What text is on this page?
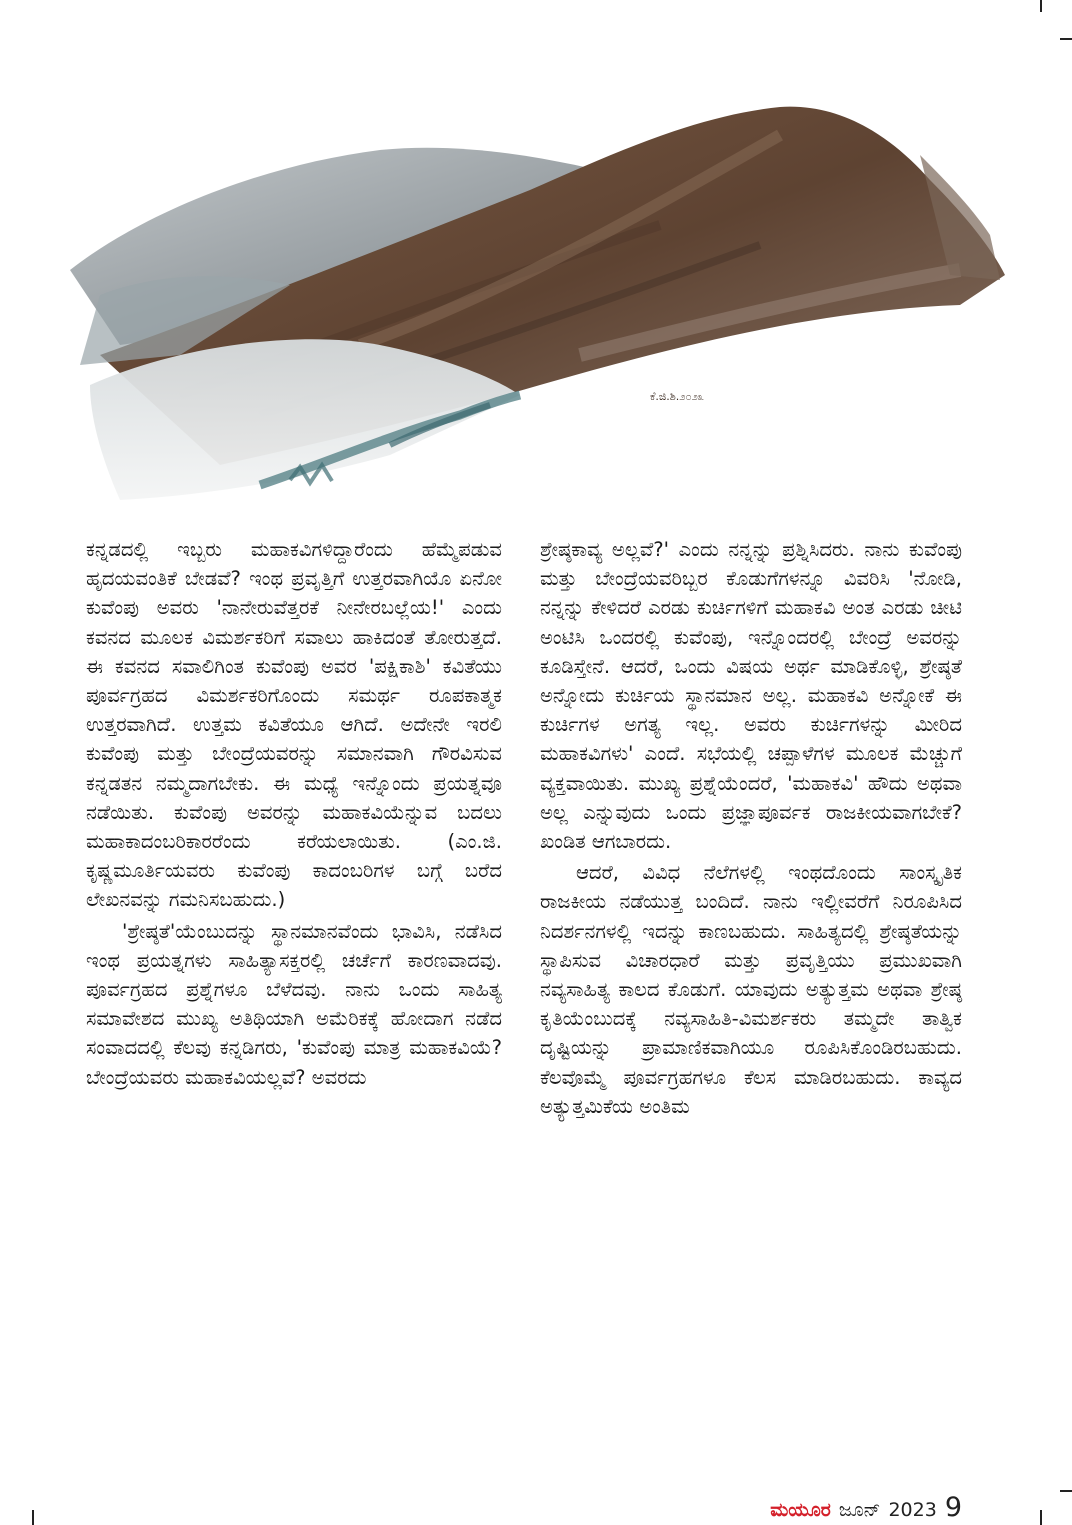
ಕೆ.ಜಿ.ಶಿ.೨೦೨೩

ಕನ್ನಡದಲ್ಲಿ ಇಬ್ಬರು ಮಹಾಕವಿಗಳಿದ್ದಾರೆಂದು ಹೆಮ್ಮೆಪಡುವ ಹೃದಯವಂತಿಕೆ ಬೇಡವೆ? ಇಂಥ ಪ್ರವೃತ್ತಿಗೆ ಉತ್ತರವಾಗಿಯೊ ಏನೋ ಕುವೆಂಪು ಅವರು 'ನಾನೇರುವೆತ್ತರಕೆ ನೀನೇರಬಲ್ಲೆಯ!' ಎಂದು ಕವನದ ಮೂಲಕ ವಿಮರ್ಶಕರಿಗೆ ಸವಾಲು ಹಾಕಿದಂತೆ ತೋರುತ್ತದೆ. ಈ ಕವನದ ಸವಾಲಿಗಿಂತ ಕುವೆಂಪು ಅವರ 'ಪಕ್ಷಿಕಾಶಿ' ಕವಿತೆಯು ಪೂರ್ವಗ್ರಹದ ವಿಮರ್ಶಕರಿಗೊಂದು ಸಮರ್ಥ ರೂಪಕಾತ್ಮಕ ಉತ್ತರವಾಗಿದೆ. ಉತ್ತಮ ಕವಿತೆಯೂ ಆಗಿದೆ. ಅದೇನೇ ಇರಲಿ ಕುವೆಂಪು ಮತ್ತು ಬೇಂದ್ರೆಯವರನ್ನು ಸಮಾನವಾಗಿ ಗೌರವಿಸುವ ಕನ್ನಡತನ ನಮ್ಮದಾಗಬೇಕು. ಈ ಮಧ್ಯೆ ಇನ್ನೊಂದು ಪ್ರಯತ್ನವೂ ನಡೆಯಿತು. ಕುವೆಂಪು ಅವರನ್ನು ಮಹಾಕವಿಯೆನ್ನುವ ಬದಲು ಮಹಾಕಾದಂಬರಿಕಾರರೆಂದು ಕರೆಯಲಾಯಿತು. (ಎಂ.ಜಿ. ಕೃಷ್ಣಮೂರ್ತಿಯವರು ಕುವೆಂಪು ಕಾದಂಬರಿಗಳ ಬಗ್ಗೆ ಬರೆದ ಲೇಖನವನ್ನು ಗಮನಿಸಬಹುದು.)

'ಶ್ರೇಷ್ಠತೆ'ಯೆಂಬುದನ್ನು ಸ್ಥಾನಮಾನವೆಂದು ಭಾವಿಸಿ, ನಡೆಸಿದ ಇಂಥ ಪ್ರಯತ್ನಗಳು ಸಾಹಿತ್ಯಾಸಕ್ತರಲ್ಲಿ ಚರ್ಚೆಗೆ ಕಾರಣವಾದವು. ಪೂರ್ವಗ್ರಹದ ಪ್ರಶ್ನೆಗಳೂ ಬೆಳೆದವು. ನಾನು ಒಂದು ಸಾಹಿತ್ಯ ಸಮಾವೇಶದ ಮುಖ್ಯ ಅತಿಥಿಯಾಗಿ ಅಮೆರಿಕಕ್ಕೆ ಹೋದಾಗ ನಡೆದ ಸಂವಾದದಲ್ಲಿ ಕೆಲವು ಕನ್ನಡಿಗರು, 'ಕುವೆಂಪು ಮಾತ್ರ ಮಹಾಕವಿಯೆ? ಬೇಂದ್ರೆಯವರು ಮಹಾಕವಿಯಲ್ಲವೆ? ಅವರದು

ಶ್ರೇಷ್ಠಕಾವ್ಯ ಅಲ್ಲವೆ?' ಎಂದು ನನ್ನನ್ನು ಪ್ರಶ್ನಿಸಿದರು. ನಾನು ಕುವೆಂಪು ಮತ್ತು ಬೇಂದ್ರೆಯವರಿಬ್ಬರ ಕೊಡುಗೆಗಳನ್ನೂ ವಿವರಿಸಿ 'ನೋಡಿ, ನನ್ನನ್ನು ಕೇಳಿದರೆ ಎರಡು ಕುರ್ಚಿಗಳಿಗೆ ಮಹಾಕವಿ ಅಂತ ಎರಡು ಚೀಟಿ ಅಂಟಿಸಿ ಒಂದರಲ್ಲಿ ಕುವೆಂಪು, ಇನ್ನೊಂದರಲ್ಲಿ ಬೇಂದ್ರೆ ಅವರನ್ನು ಕೂಡಿಸ್ತೇನೆ. ಆದರೆ, ಒಂದು ವಿಷಯ ಅರ್ಥ ಮಾಡಿಕೊಳ್ಳಿ, ಶ್ರೇಷ್ಠತೆ ಅನ್ನೋದು ಕುರ್ಚಿಯ ಸ್ಥಾನಮಾನ ಅಲ್ಲ. ಮಹಾಕವಿ ಅನ್ನೋಕೆ ಈ ಕುರ್ಚಿಗಳ ಅಗತ್ಯ ಇಲ್ಲ. ಅವರು ಕುರ್ಚಿಗಳನ್ನು ಮೀರಿದ ಮಹಾಕವಿಗಳು' ಎಂದೆ. ಸಭೆಯಲ್ಲಿ ಚಪ್ಪಾಳೆಗಳ ಮೂಲಕ ಮೆಚ್ಚುಗೆ ವ್ಯಕ್ತವಾಯಿತು. ಮುಖ್ಯ ಪ್ರಶ್ನೆಯೆಂದರೆ, 'ಮಹಾಕವಿ' ಹೌದು ಅಥವಾ ಅಲ್ಲ ಎನ್ನುವುದು ಒಂದು ಪ್ರಜ್ಞಾಪೂರ್ವಕ ರಾಜಕೀಯವಾಗಬೇಕೆ? ಖಂಡಿತ ಆಗಬಾರದು.

ಆದರೆ, ವಿವಿಧ ನೆಲೆಗಳಲ್ಲಿ ಇಂಥದೊಂದು ಸಾಂಸ್ಕೃತಿಕ ರಾಜಕೀಯ ನಡೆಯುತ್ತ ಬಂದಿದೆ. ನಾನು ಇಲ್ಲೀವರೆಗೆ ನಿರೂಪಿಸಿದ ನಿದರ್ಶನಗಳಲ್ಲಿ ಇದನ್ನು ಕಾಣಬಹುದು. ಸಾಹಿತ್ಯದಲ್ಲಿ ಶ್ರೇಷ್ಠತೆಯನ್ನು ಸ್ಥಾಪಿಸುವ ವಿಚಾರಧಾರೆ ಮತ್ತು ಪ್ರವೃತ್ತಿಯು ಪ್ರಮುಖವಾಗಿ ನವ್ಯಸಾಹಿತ್ಯ ಕಾಲದ ಕೊಡುಗೆ. ಯಾವುದು ಅತ್ಯುತ್ತಮ ಅಥವಾ ಶ್ರೇಷ್ಠ ಕೃತಿಯೆಂಬುದಕ್ಕೆ ನವ್ಯಸಾಹಿತಿ-ವಿಮರ್ಶಕರು ತಮ್ಮದೇ ತಾತ್ವಿಕ ದೃಷ್ಟಿಯನ್ನು ಪ್ರಾಮಾಣಿಕವಾಗಿಯೂ ರೂಪಿಸಿಕೊಂಡಿರಬಹುದು. ಕೆಲವೊಮ್ಮೆ ಪೂರ್ವಗ್ರಹಗಳೂ ಕೆಲಸ ಮಾಡಿರಬಹುದು. ಕಾವ್ಯದ ಅತ್ಯುತ್ತಮಿಕೆಯ ಅಂತಿಮ

ಮಯೂರ ಜೂನ್ 2023 9
